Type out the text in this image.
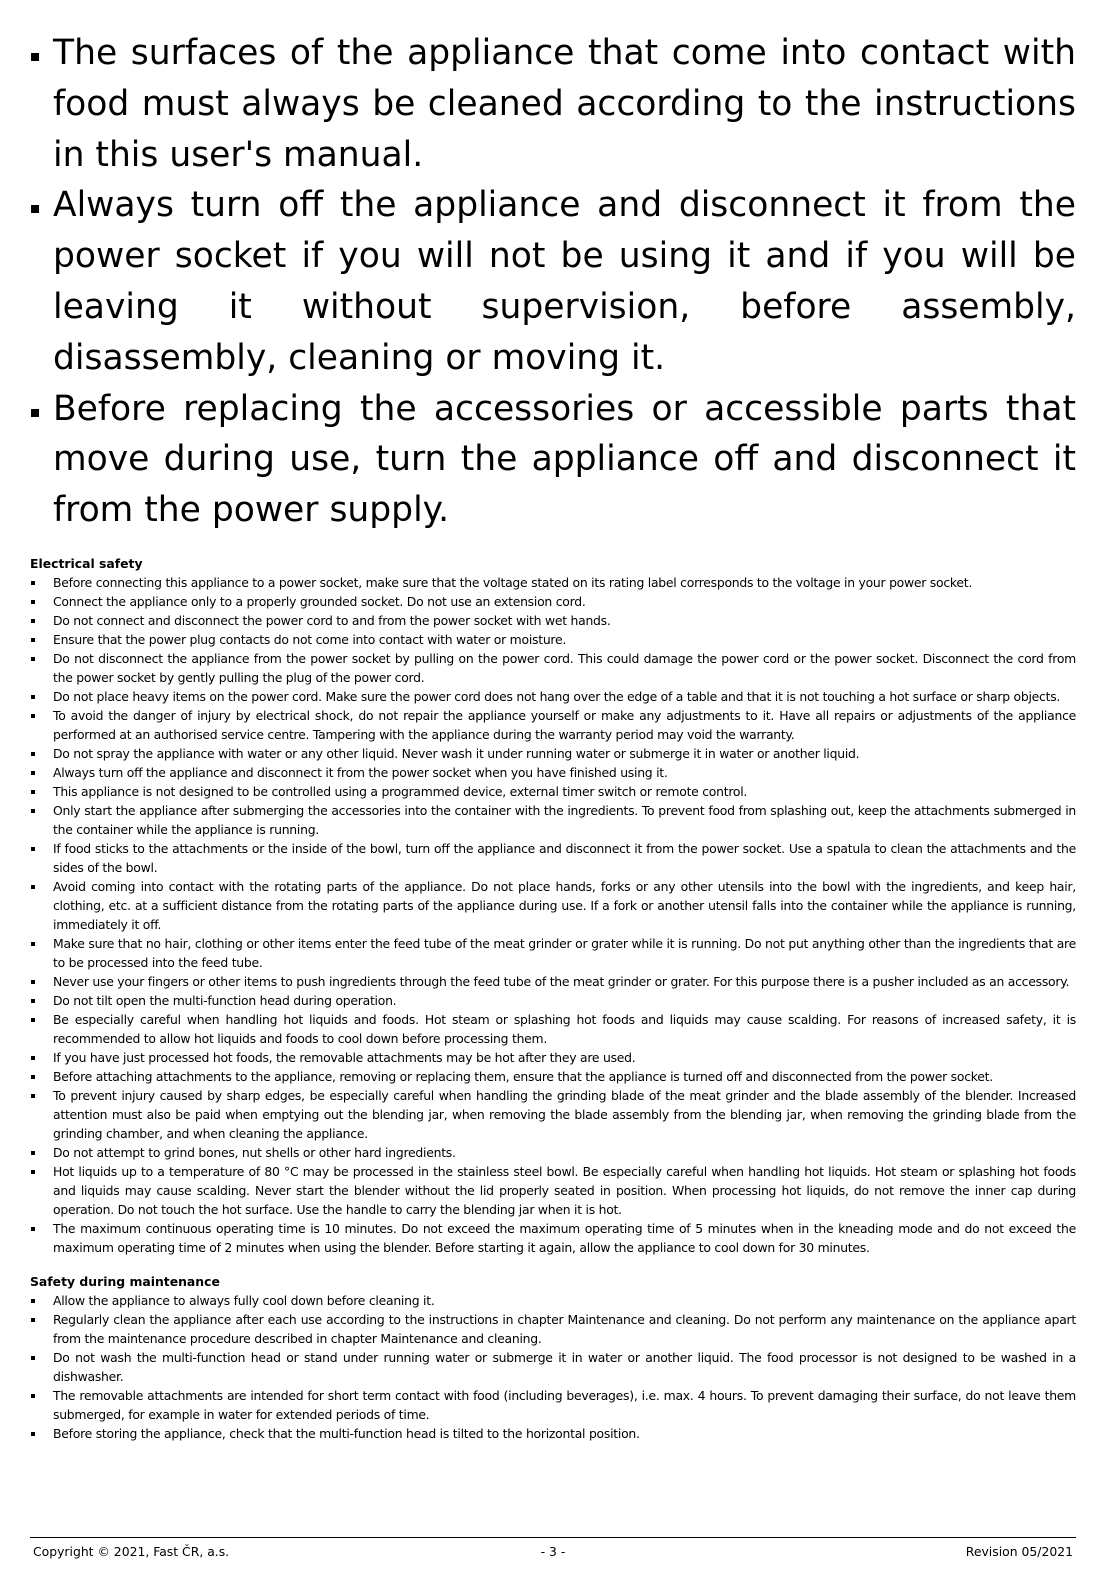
The surfaces of the appliance that come into contact with food must always be cleaned according to the instructions in this user's manual.
Always turn off the appliance and disconnect it from the power socket if you will not be using it and if you will be leaving it without supervision, before assembly, disassembly, cleaning or moving it.
Before replacing the accessories or accessible parts that move during use, turn the appliance off and disconnect it from the power supply.
Electrical safety
Before connecting this appliance to a power socket, make sure that the voltage stated on its rating label corresponds to the voltage in your power socket.
Connect the appliance only to a properly grounded socket. Do not use an extension cord.
Do not connect and disconnect the power cord to and from the power socket with wet hands.
Ensure that the power plug contacts do not come into contact with water or moisture.
Do not disconnect the appliance from the power socket by pulling on the power cord. This could damage the power cord or the power socket. Disconnect the cord from the power socket by gently pulling the plug of the power cord.
Do not place heavy items on the power cord. Make sure the power cord does not hang over the edge of a table and that it is not touching a hot surface or sharp objects.
To avoid the danger of injury by electrical shock, do not repair the appliance yourself or make any adjustments to it. Have all repairs or adjustments of the appliance performed at an authorised service centre. Tampering with the appliance during the warranty period may void the warranty.
Do not spray the appliance with water or any other liquid. Never wash it under running water or submerge it in water or another liquid.
Always turn off the appliance and disconnect it from the power socket when you have finished using it.
This appliance is not designed to be controlled using a programmed device, external timer switch or remote control.
Only start the appliance after submerging the accessories into the container with the ingredients. To prevent food from splashing out, keep the attachments submerged in the container while the appliance is running.
If food sticks to the attachments or the inside of the bowl, turn off the appliance and disconnect it from the power socket. Use a spatula to clean the attachments and the sides of the bowl.
Avoid coming into contact with the rotating parts of the appliance. Do not place hands, forks or any other utensils into the bowl with the ingredients, and keep hair, clothing, etc. at a sufficient distance from the rotating parts of the appliance during use. If a fork or another utensil falls into the container while the appliance is running, immediately it off.
Make sure that no hair, clothing or other items enter the feed tube of the meat grinder or grater while it is running. Do not put anything other than the ingredients that are to be processed into the feed tube.
Never use your fingers or other items to push ingredients through the feed tube of the meat grinder or grater. For this purpose there is a pusher included as an accessory.
Do not tilt open the multi-function head during operation.
Be especially careful when handling hot liquids and foods. Hot steam or splashing hot foods and liquids may cause scalding. For reasons of increased safety, it is recommended to allow hot liquids and foods to cool down before processing them.
If you have just processed hot foods, the removable attachments may be hot after they are used.
Before attaching attachments to the appliance, removing or replacing them, ensure that the appliance is turned off and disconnected from the power socket.
To prevent injury caused by sharp edges, be especially careful when handling the grinding blade of the meat grinder and the blade assembly of the blender. Increased attention must also be paid when emptying out the blending jar, when removing the blade assembly from the blending jar, when removing the grinding blade from the grinding chamber, and when cleaning the appliance.
Do not attempt to grind bones, nut shells or other hard ingredients.
Hot liquids up to a temperature of 80 °C may be processed in the stainless steel bowl. Be especially careful when handling hot liquids. Hot steam or splashing hot foods and liquids may cause scalding. Never start the blender without the lid properly seated in position. When processing hot liquids, do not remove the inner cap during operation. Do not touch the hot surface. Use the handle to carry the blending jar when it is hot.
The maximum continuous operating time is 10 minutes. Do not exceed the maximum operating time of 5 minutes when in the kneading mode and do not exceed the maximum operating time of 2 minutes when using the blender. Before starting it again, allow the appliance to cool down for 30 minutes.
Safety during maintenance
Allow the appliance to always fully cool down before cleaning it.
Regularly clean the appliance after each use according to the instructions in chapter Maintenance and cleaning. Do not perform any maintenance on the appliance apart from the maintenance procedure described in chapter Maintenance and cleaning.
Do not wash the multi-function head or stand under running water or submerge it in water or another liquid. The food processor is not designed to be washed in a dishwasher.
The removable attachments are intended for short term contact with food (including beverages), i.e. max. 4 hours. To prevent damaging their surface, do not leave them submerged, for example in water for extended periods of time.
Before storing the appliance, check that the multi-function head is tilted to the horizontal position.
- 3 -
Copyright © 2021, Fast ČR, a.s.	Revision 05/2021
